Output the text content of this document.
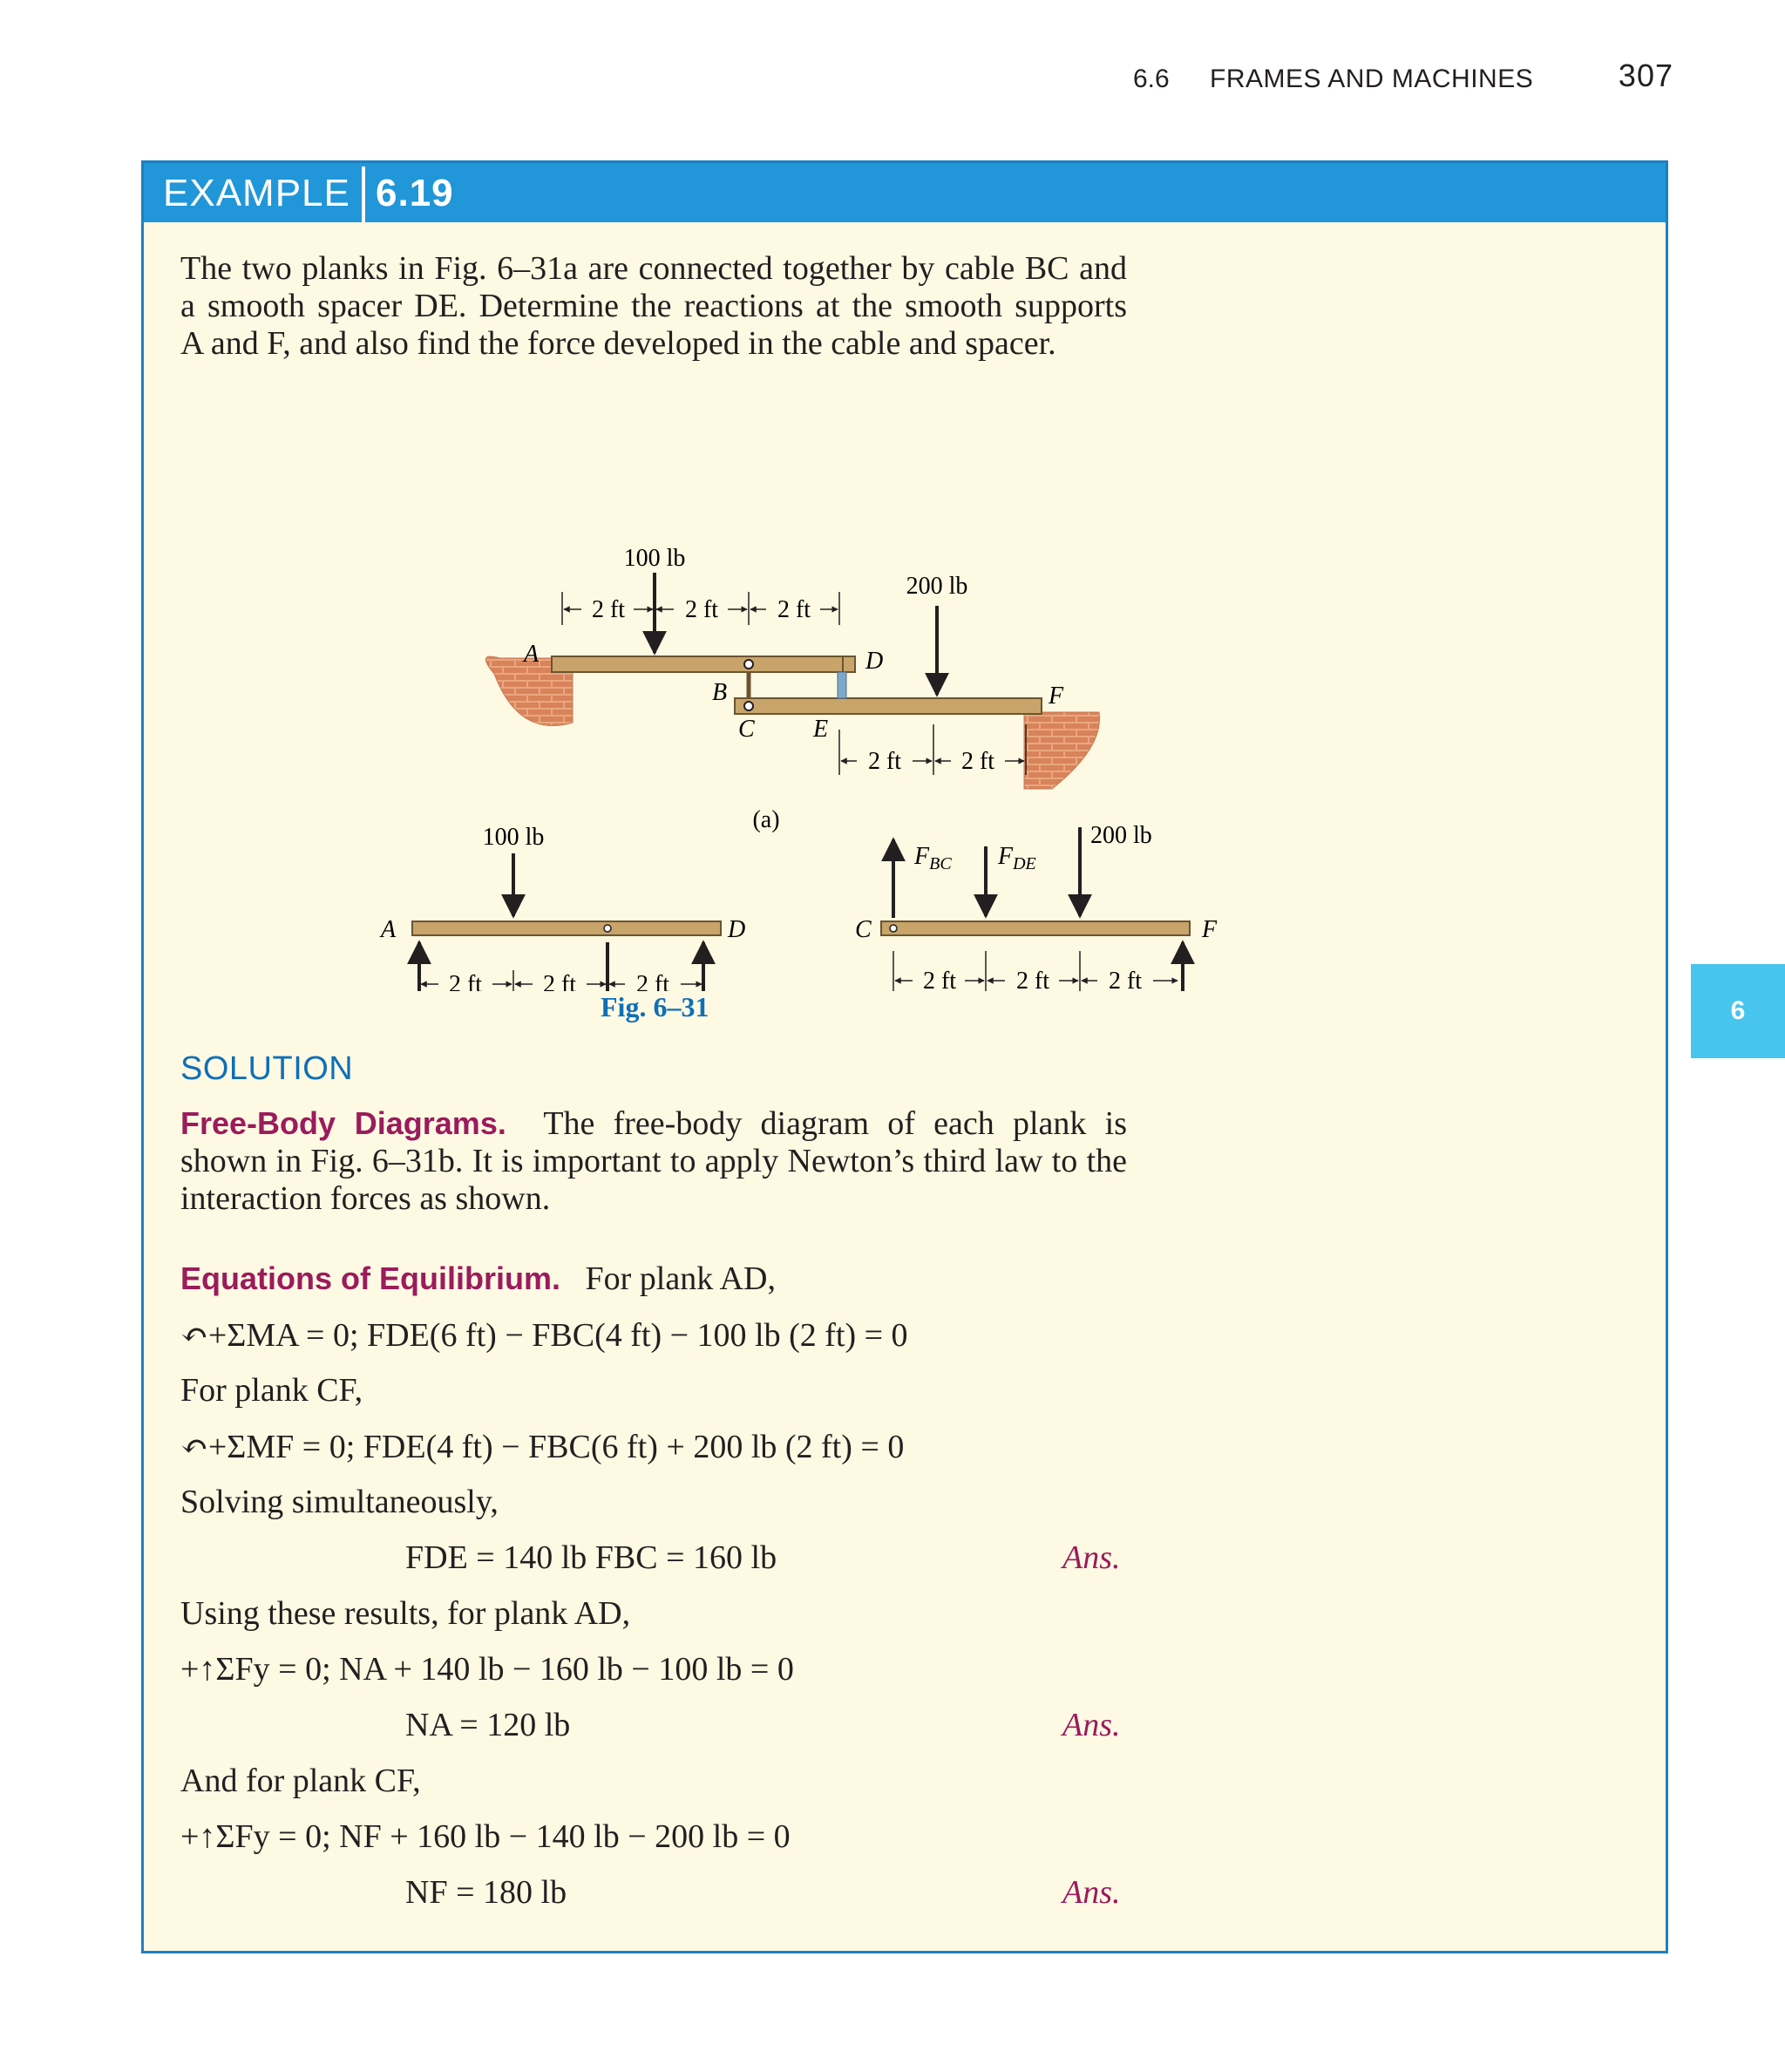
6.6 FRAMES AND MACHINES	307
6
EXAMPLE 6.19
The two planks in Fig. 6–31a are connected together by cable BC and
a smooth spacer DE. Determine the reactions at the smooth supports
A and F, and also find the force developed in the cable and spacer.
100 lb
200 lb
2 ft 2 ft 2 ft
2 ft 2 ft
A
B
C
D
E
F
(a)
100 lb
2 ft 2 ft 2 ft
A	D
200 lb
2 ft 2 ft 2 ft
C	F
$F_{BC}$ $F_{DE}$
Fig. 6–31
SOLUTION
Free-Body Diagrams. The free-body diagram of each plank is
shown in Fig. 6–31b. It is important to apply Newton’s third law to the
interaction forces as shown.
Equations of Equilibrium. For plank AD,
↶+ΣMA = 0; FDE(6 ft) − FBC(4 ft) − 100 lb (2 ft) = 0
For plank CF,
↶+ΣMF = 0; FDE(4 ft) − FBC(6 ft) + 200 lb (2 ft) = 0
Solving simultaneously,
FDE = 140 lb FBC = 160 lb	Ans.
Using these results, for plank AD,
+↑ΣFy = 0; NA + 140 lb − 160 lb − 100 lb = 0
NA = 120 lb	Ans.
And for plank CF,
+↑ΣFy = 0; NF + 160 lb − 140 lb − 200 lb = 0
NF = 180 lb	Ans.
